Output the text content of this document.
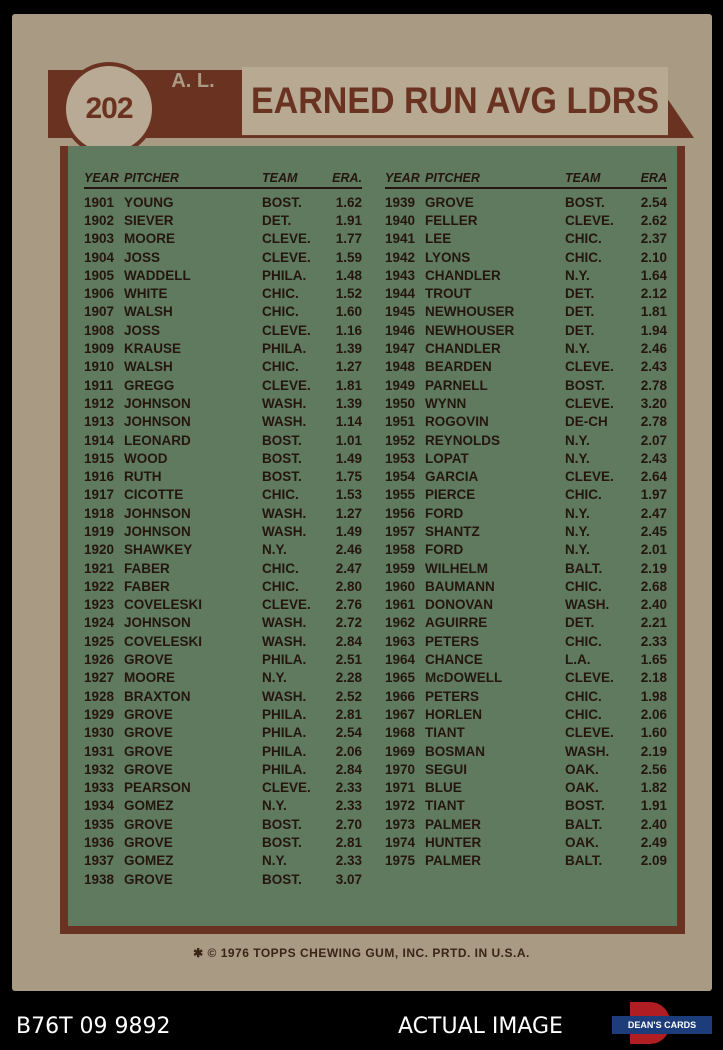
202
A. L. EARNED RUN AVG LDRS
YEAR PITCHER	TEAM	ERA.
1901 YOUNG	BOST.	1.62
1902 SIEVER	DET.	1.91
1903 MOORE	CLEVE.	1.77
1904 JOSS	CLEVE.	1.59
1905 WADDELL	PHILA.	1.48
1906 WHITE	CHIC.	1.52
1907 WALSH	CHIC.	1.60
1908 JOSS	CLEVE.	1.16
1909 KRAUSE	PHILA.	1.39
1910 WALSH	CHIC.	1.27
1911 GREGG	CLEVE.	1.81
1912 JOHNSON	WASH.	1.39
1913 JOHNSON	WASH.	1.14
1914 LEONARD	BOST.	1.01
1915 WOOD	BOST.	1.49
1916 RUTH	BOST.	1.75
1917 CICOTTE	CHIC.	1.53
1918 JOHNSON	WASH.	1.27
1919 JOHNSON	WASH.	1.49
1920 SHAWKEY	N.Y.	2.46
1921 FABER	CHIC.	2.47
1922 FABER	CHIC.	2.80
1923 COVELESKI	CLEVE.	2.76
1924 JOHNSON	WASH.	2.72
1925 COVELESKI	WASH.	2.84
1926 GROVE	PHILA.	2.51
1927 MOORE	N.Y.	2.28
1928 BRAXTON	WASH.	2.52
1929 GROVE	PHILA.	2.81
1930 GROVE	PHILA.	2.54
1931 GROVE	PHILA.	2.06
1932 GROVE	PHILA.	2.84
1933 PEARSON	CLEVE.	2.33
1934 GOMEZ	N.Y.	2.33
1935 GROVE	BOST.	2.70
1936 GROVE	BOST.	2.81
1937 GOMEZ	N.Y.	2.33
1938 GROVE	BOST.	3.07
YEAR PITCHER	TEAM	ERA
1939 GROVE	BOST.	2.54
1940 FELLER	CLEVE.	2.62
1941 LEE	CHIC.	2.37
1942 LYONS	CHIC.	2.10
1943 CHANDLER	N.Y.	1.64
1944 TROUT	DET.	2.12
1945 NEWHOUSER	DET.	1.81
1946 NEWHOUSER	DET.	1.94
1947 CHANDLER	N.Y.	2.46
1948 BEARDEN	CLEVE.	2.43
1949 PARNELL	BOST.	2.78
1950 WYNN	CLEVE.	3.20
1951 ROGOVIN	DE-CH	2.78
1952 REYNOLDS	N.Y.	2.07
1953 LOPAT	N.Y.	2.43
1954 GARCIA	CLEVE.	2.64
1955 PIERCE	CHIC.	1.97
1956 FORD	N.Y.	2.47
1957 SHANTZ	N.Y.	2.45
1958 FORD	N.Y.	2.01
1959 WILHELM	BALT.	2.19
1960 BAUMANN	CHIC.	2.68
1961 DONOVAN	WASH.	2.40
1962 AGUIRRE	DET.	2.21
1963 PETERS	CHIC.	2.33
1964 CHANCE	L.A.	1.65
1965 McDOWELL	CLEVE.	2.18
1966 PETERS	CHIC.	1.98
1967 HORLEN	CHIC.	2.06
1968 TIANT	CLEVE.	1.60
1969 BOSMAN	WASH.	2.19
1970 SEGUI	OAK.	2.56
1971 BLUE	OAK.	1.82
1972 TIANT	BOST.	1.91
1973 PALMER	BALT.	2.40
1974 HUNTER	OAK.	2.49
1975 PALMER	BALT.	2.09
✱ © 1976 TOPPS CHEWING GUM, INC. PRTD. IN U.S.A.
B76T 09 9892	ACTUAL IMAGE	DEAN'S CARDS
